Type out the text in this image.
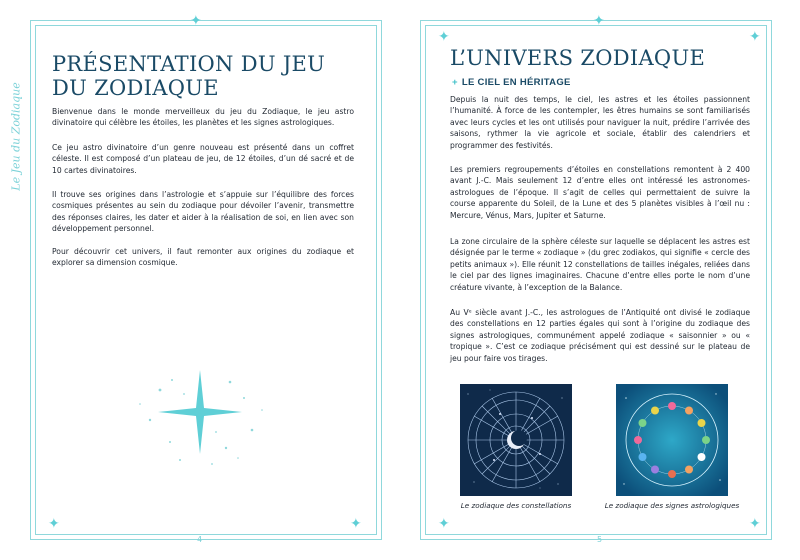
✦
Le Jeu du Zodiaque
PRÉSENTATION DU JEU
DU ZODIAQUE

Bienvenue dans le monde merveilleux du jeu du Zodiaque, le jeu astro divinatoire qui célèbre les étoiles, les planètes et les signes astrologiques.

Ce jeu astro divinatoire d’un genre nouveau est présenté dans un coffret céleste. Il est composé d’un plateau de jeu, de 12 étoiles, d’un dé sacré et de 10 cartes divinatoires.

Il trouve ses origines dans l’astrologie et s’appuie sur l’équilibre des forces cosmiques présentes au sein du zodiaque pour dévoiler l’avenir, transmettre des réponses claires, les dater et aider à la réalisation de soi, en lien avec son développement personnel.

Pour découvrir cet univers, il faut remonter aux origines du zodiaque et explorer sa dimension cosmique.

✦	✦
4
✦
✦	✦
L’UNIVERS ZODIAQUE

+ LE CIEL EN HÉRITAGE

Depuis la nuit des temps, le ciel, les astres et les étoiles passionnent l’humanité. À force de les contempler, les êtres humains se sont familiarisés avec leurs cycles et les ont utilisés pour naviguer la nuit, prédire l’arrivée des saisons, rythmer la vie agricole et sociale, établir des calendriers et programmer des festivités.

Les premiers regroupements d’étoiles en constellations remontent à 2 400 avant J.-C. Mais seulement 12 d’entre elles ont intéressé les astronomes-astrologues de l’époque. Il s’agit de celles qui permettaient de suivre la course apparente du Soleil, de la Lune et des 5 planètes visibles à l’œil nu : Mercure, Vénus, Mars, Jupiter et Saturne.

La zone circulaire de la sphère céleste sur laquelle se déplacent les astres est désignée par le terme « zodiaque » (du grec zodiakos, qui signifie « cercle des petits animaux »). Elle réunit 12 constellations de tailles inégales, reliées dans le ciel par des lignes imaginaires. Chacune d’entre elles porte le nom d’une créature vivante, à l’exception de la Balance.

Au Vᵉ siècle avant J.-C., les astrologues de l’Antiquité ont divisé le zodiaque des constellations en 12 parties égales qui sont à l’origine du zodiaque des signes astrologiques, communément appelé zodiaque « saisonnier » ou « tropique ». C’est ce zodiaque précisément qui est dessiné sur le plateau de jeu pour faire vos tirages.

Le zodiaque des constellations	Le zodiaque des signes astrologiques
✦	✦
5
